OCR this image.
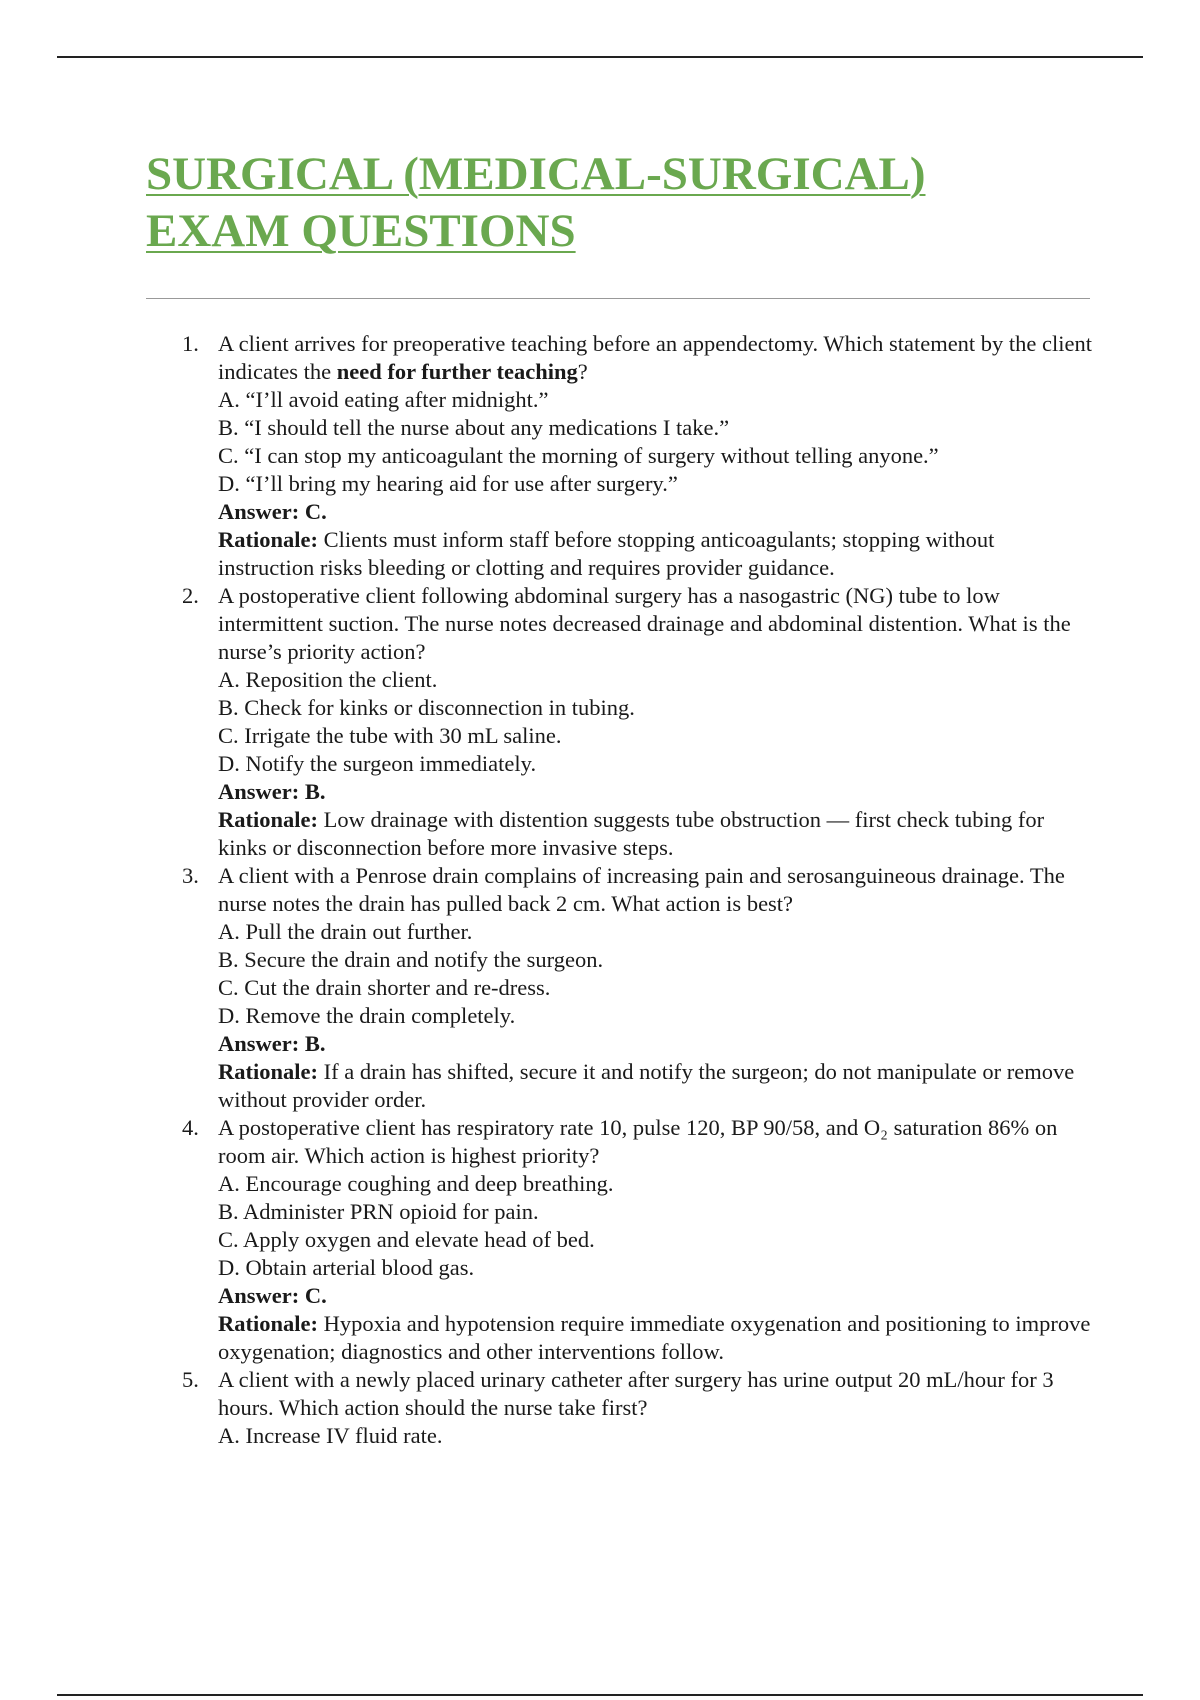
SURGICAL (MEDICAL-SURGICAL)
EXAM QUESTIONS
1. A client arrives for preoperative teaching before an appendectomy. Which statement by the client indicates the need for further teaching?

A. “I’ll avoid eating after midnight.”
B. “I should tell the nurse about any medications I take.”
C. “I can stop my anticoagulant the morning of surgery without telling anyone.”
D. “I’ll bring my hearing aid for use after surgery.”
Answer: C.
Rationale: Clients must inform staff before stopping anticoagulants; stopping without instruction risks bleeding or clotting and requires provider guidance.
2. A postoperative client following abdominal surgery has a nasogastric (NG) tube to low intermittent suction. The nurse notes decreased drainage and abdominal distention. What is the nurse’s priority action?

A. Reposition the client.
B. Check for kinks or disconnection in tubing.
C. Irrigate the tube with 30 mL saline.
D. Notify the surgeon immediately.
Answer: B.
Rationale: Low drainage with distention suggests tube obstruction — first check tubing for kinks or disconnection before more invasive steps.
3. A client with a Penrose drain complains of increasing pain and serosanguineous drainage. The nurse notes the drain has pulled back 2 cm. What action is best?

A. Pull the drain out further.
B. Secure the drain and notify the surgeon.
C. Cut the drain shorter and re-dress.
D. Remove the drain completely.
Answer: B.
Rationale: If a drain has shifted, secure it and notify the surgeon; do not manipulate or remove without provider order.
4. A postoperative client has respiratory rate 10, pulse 120, BP 90/58, and O₂ saturation 86% on room air. Which action is highest priority?

A. Encourage coughing and deep breathing.
B. Administer PRN opioid for pain.
C. Apply oxygen and elevate head of bed.
D. Obtain arterial blood gas.
Answer: C.
Rationale: Hypoxia and hypotension require immediate oxygenation and positioning to improve oxygenation; diagnostics and other interventions follow.
5. A client with a newly placed urinary catheter after surgery has urine output 20 mL/hour for 3 hours. Which action should the nurse take first?

A. Increase IV fluid rate.
